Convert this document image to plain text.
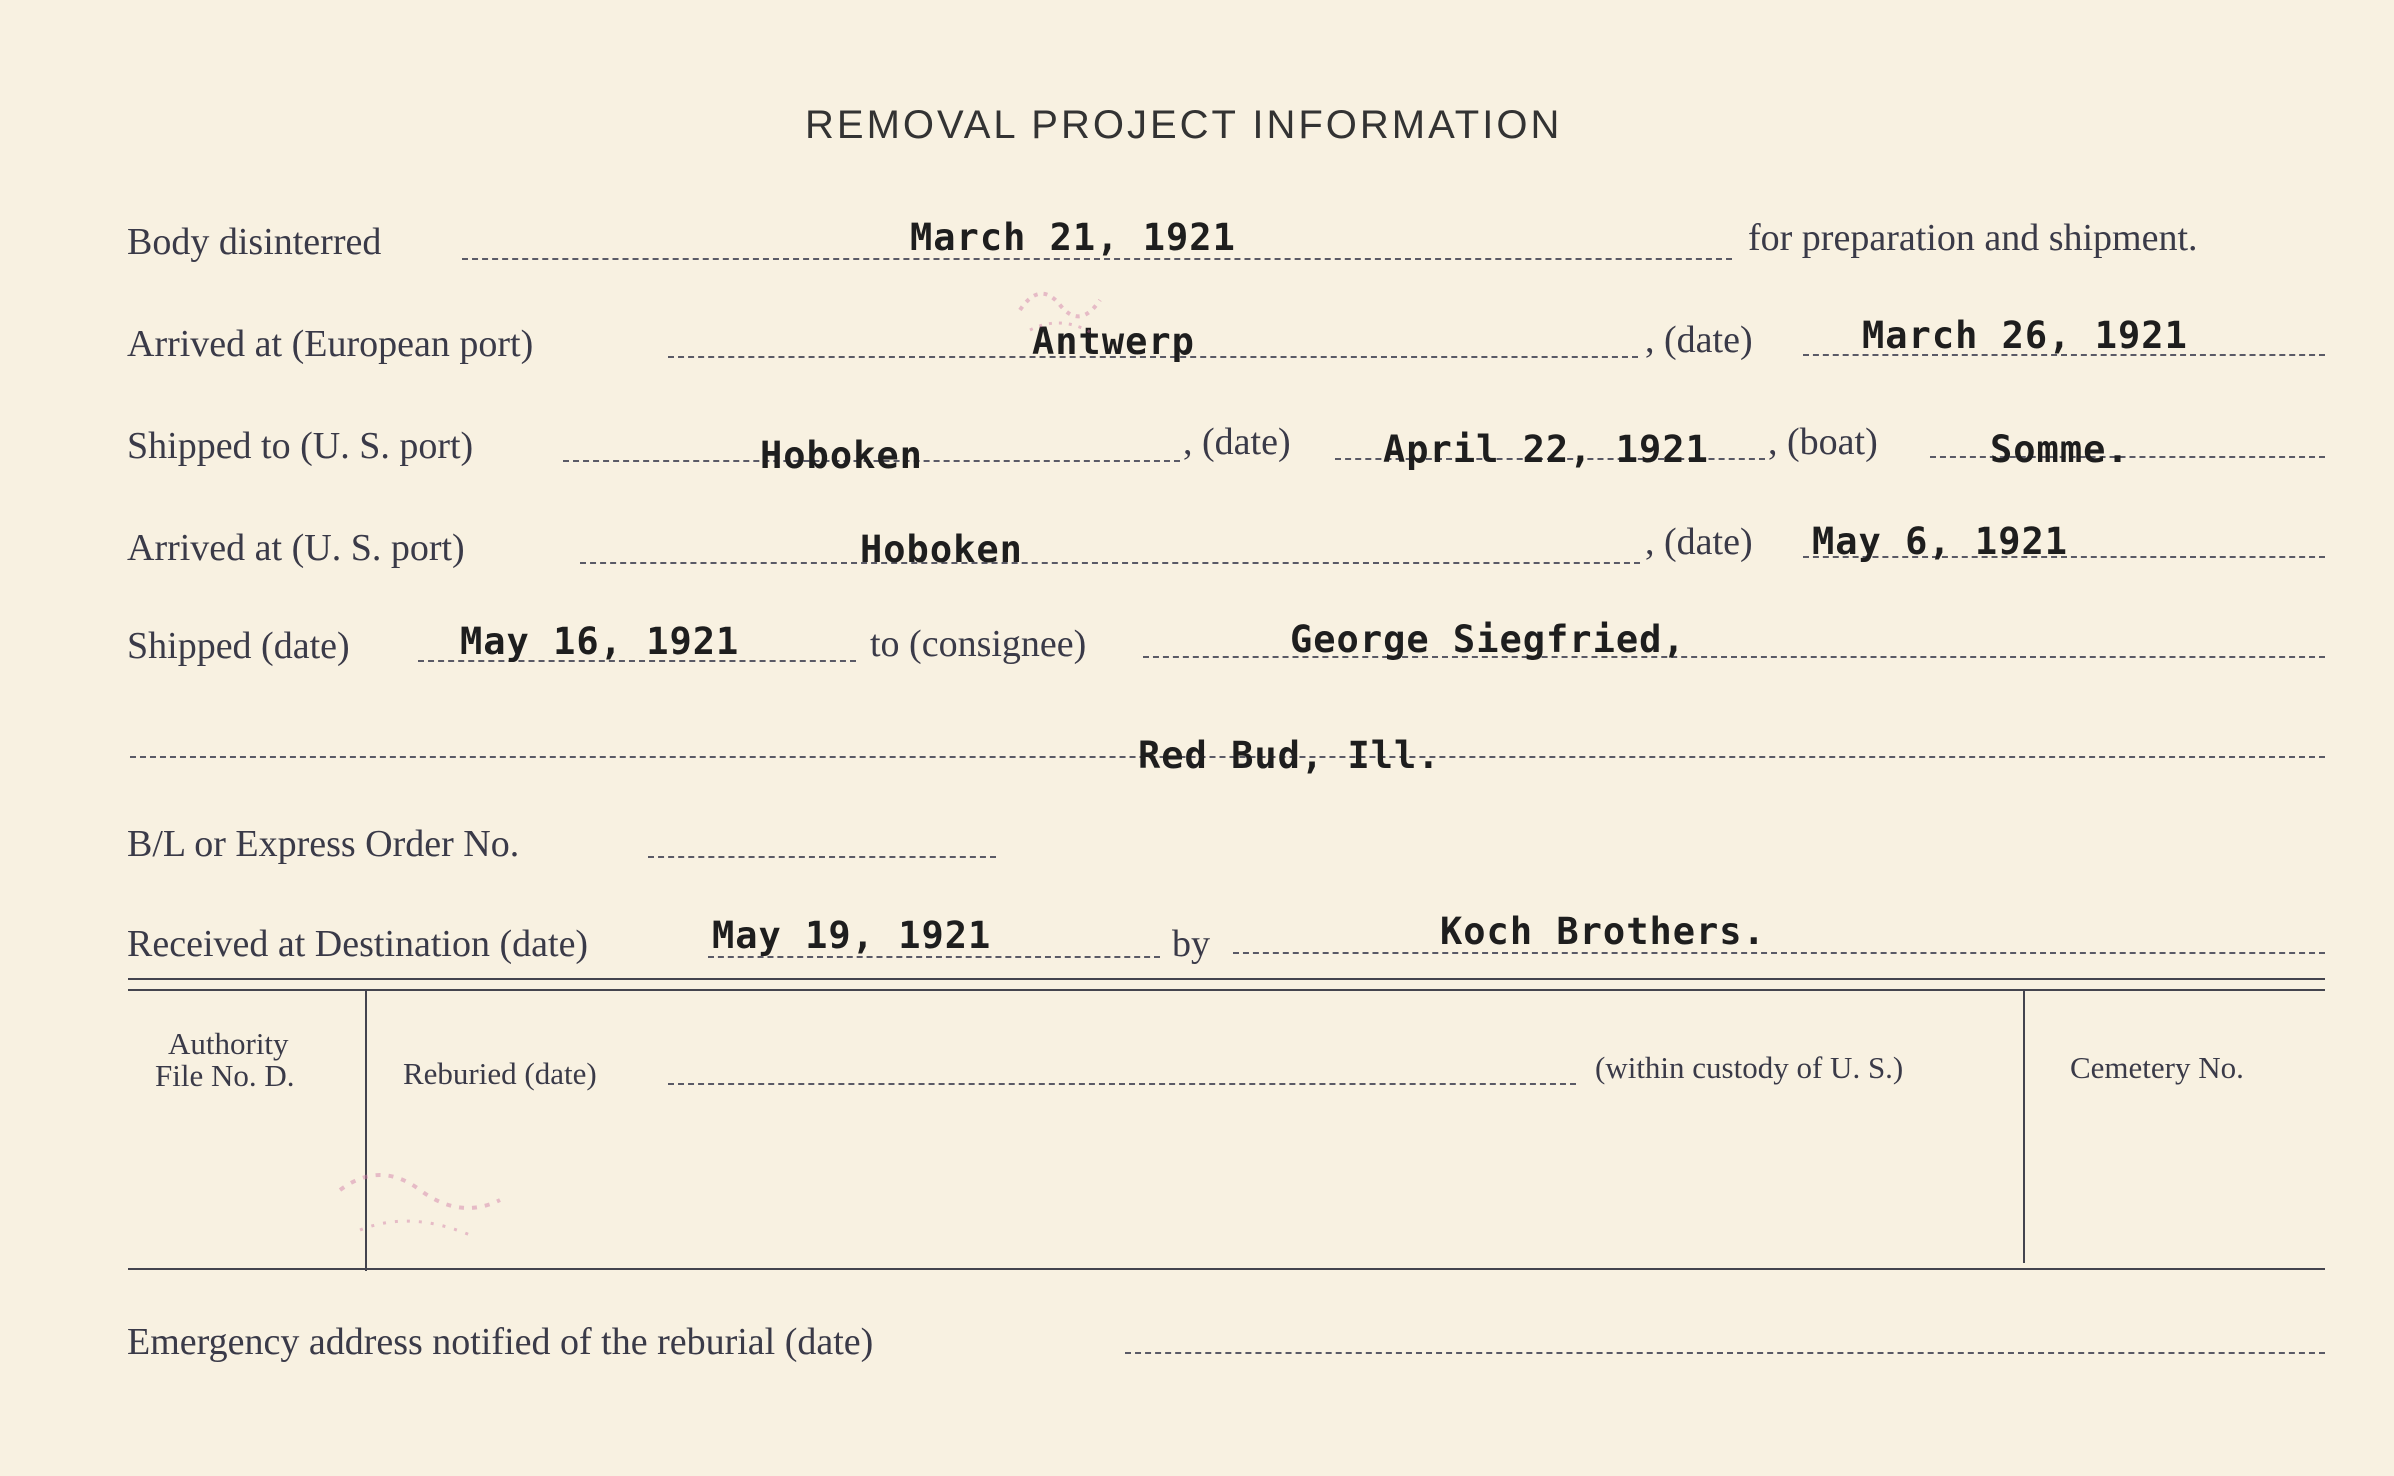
REMOVAL PROJECT INFORMATION
Body disinterred	March 21, 1921	for preparation and shipment.
Arrived at (European port)	Antwerp	, (date)	March 26, 1921
Shipped to (U. S. port)	Hoboken	, (date) April 22, 1921 , (boat)	Somme.
Arrived at (U. S. port)	Hoboken	, (date) May 6, 1921
Shipped (date)	May 16, 1921	to (consignee)	George Siegfried,
Red Bud, Ill.
B/L or Express Order No.
Received at Destination (date)	May 19, 1921	by	Koch Brothers.
Authority
File No. D.	Reburied (date)	(within custody of U. S.)	Cemetery No.
Emergency address notified of the reburial (date)
